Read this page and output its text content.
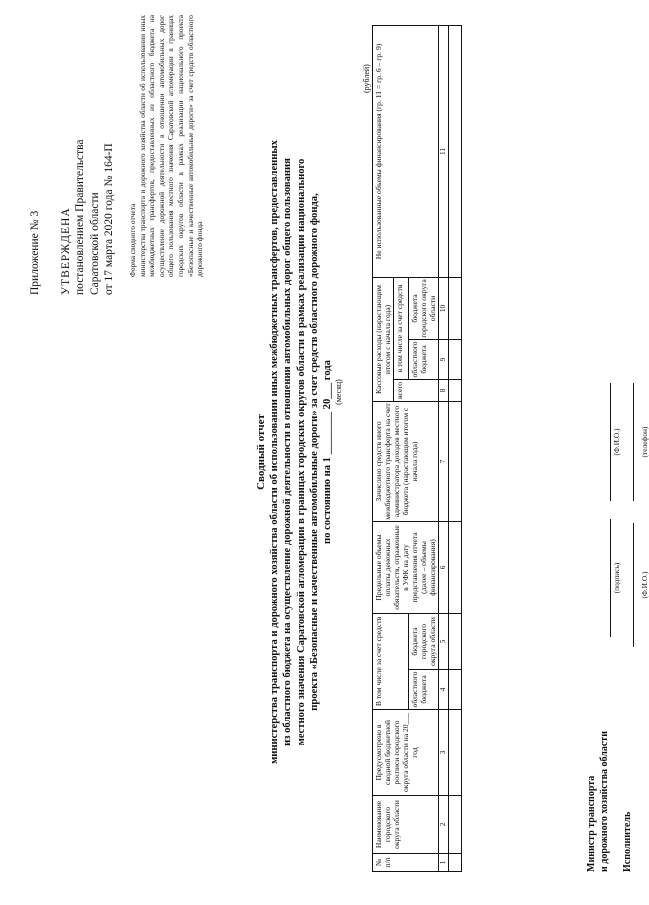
Приложение № 3 УТВЕРЖДЕНА постановлением Правительства Саратовской области от 17 марта 2020 года № 164-П Форма сводного отчета министерства транспорта и дорожного хозяйства области об использовании иных межбюджетных трансфертов, предоставленных из областного бюджета на осуществление дорожной деятельности в отношении автомобильных дорог общего пользования местного значения Саратовской агломерации в границах городских округов области в рамках реализации национального проекта «Безопасные и качественные автомобильные дороги» за счет средств областного дорожного фонда
Сводный отчет министерства транспорта и дорожного хозяйства области об использовании иных межбюджетных трансфертов, предоставленных из областного бюджета на осуществление дорожной деятельности в отношении автомобильных дорог общего пользования местного значения Саратовской агломерации в границах городских округов области в рамках реализации национального проекта «Безопасные и качественные автомобильные дороги» за счет средств областного дорожного фонда, по состоянию на 1 ________ 20___ года (месяц)
(рублей)
№ п/п	Наименование городского округа области	Предусмотрено в сводной бюджетной росписи городского округа области на 20___ год	В том числе за счет средств		Предельные объемы оплаты денежных обязательств, отраженные в УФК на дату представления отчета (далее – объемы финансирования)	Зачислено средств иного межбюджетного трансферта на счет администратора доходов местного бюджета (нарастающим итогом с начала года)	Кассовые расходы (нарастающим итогом с начала года)			Не использованные объемы финансирования (гр. 11 = гр. 6 – гр. 9)
							всего	в том числе за счет средств		
			областного бюджета	бюджета городского округа области				областного бюджета	бюджета городского округа области	
1	2	3	4	5	6	7	8	9	10	11

Министр транспорта и дорожного хозяйства области
(подпись)
(Ф.И.О.)
Исполнитель
(Ф.И.О.)
(телефон)
